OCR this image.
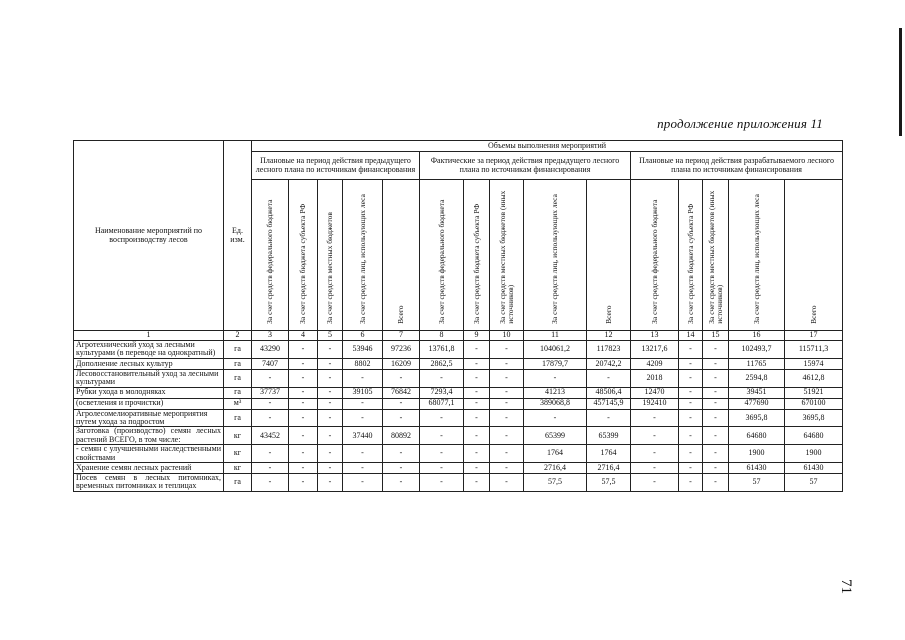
продолжение приложения 11
71
Наименование мероприятий по воспроизводству лесов	Ед. изм.	Объемы выполнения мероприятий														
		Плановые на период действия предыдущего лесного плана по источникам финансирования					Фактические за период действия предыдущего лесного плана по источникам финансирования					Плановые на период действия разрабатываемого лесного плана по источникам финансирования				

		За счет средств федерального бюджета	За счет средств бюджета субъекта РФ	За счет средств местных бюджетов	За счет средств лиц, использующих леса	Всего	За счет средств федерального бюджета	За счет средств бюджета субъекта РФ	За счет средств местных бюджетов (иных источников)	За счет средств лиц, использующих леса	Всего	За счет средств федерального бюджета	За счет средств бюджета субъекта РФ	За счет средств местных бюджетов (иных источников)	За счет средств лиц, использующих леса	Всего

1	2	3	4	5	6	7	8	9	10	11	12	13	14	15	16	17
Агротехнический уход за лесными культурами (в переводе на однократный)	га	43290	-	-	53946	97236	13761,8	-	-	104061,2	117823	13217,6	-	-	102493,7	115711,3
Дополнение лесных культур	га	7407	-	-	8802	16209	2862,5	-	-	17879,7	20742,2	4209	-	-	11765	15974
Лесовосстановительный уход за лесными культурами	га	-	-	-	-	-	-	-	-	-	-	2018	-	-	2594,8	4612,8
Рубки ухода в молодняках	га	37737	-	-	39105	76842	7293,4	-	-	41213	48506,4	12470	-	-	39451	51921
(осветления и прочистки)	м³	-	-	-	-	-	68077,1	-	-	389068,8	457145,9	192410	-	-	477690	670100
Агролесомелиоративные мероприятия путем ухода за подростом	га	-	-	-	-	-	-	-	-	-	-	-	-	-	3695,8	3695,8
Заготовка (производство) семян лесных растений ВСЕГО, в том числе:	кг	43452	-	-	37440	80892	-	-	-	65399	65399	-	-	-	64680	64680
- семян с улучшенными наследственными свойствами	кг	-	-	-	-	-	-	-	-	1764	1764	-	-	-	1900	1900
Хранение семян лесных растений	кг	-	-	-	-	-	-	-	-	2716,4	2716,4	-	-	-	61430	61430
Посев семян в лесных питомниках, временных питомниках и теплицах	га	-	-	-	-	-	-	-	-	57,5	57,5	-	-	-	57	57
